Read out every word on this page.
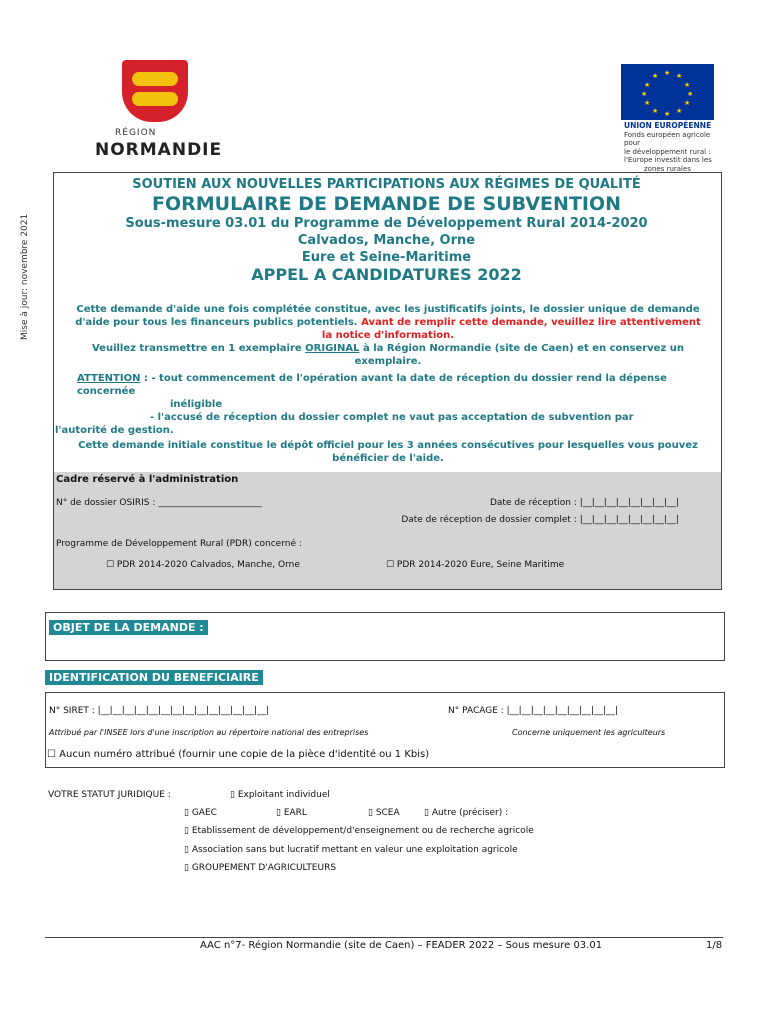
RÉGION
NORMANDIE
★ ★
★
★
★
★
★
★
★
★
★
★
UNION EUROPÉENNE
Fonds européen agricole pour
le développement rural :
l'Europe investit dans les
zones rurales
Mise à jour: novembre 2021
SOUTIEN AUX NOUVELLES PARTICIPATIONS AUX RÉGIMES DE QUALITÉ
FORMULAIRE DE DEMANDE DE SUBVENTION
Sous-mesure 03.01 du Programme de Développement Rural 2014-2020
Calvados, Manche, Orne
Eure et Seine-Maritime
APPEL A CANDIDATURES 2022
Cette demande d'aide une fois complétée constitue, avec les justificatifs joints, le dossier unique de demande
d'aide pour tous les financeurs publics potentiels. Avant de remplir cette demande, veuillez lire attentivement
la notice d'information.
Veuillez transmettre en 1 exemplaire ORIGINAL à la Région Normandie (site de Caen) et en conservez un
exemplaire.
ATTENTION : - tout commencement de l'opération avant la date de réception du dossier rend la dépense
concernée
inéligible
- l'accusé de réception du dossier complet ne vaut pas acceptation de subvention par
l'autorité de gestion.
Cette demande initiale constitue le dépôt officiel pour les 3 années consécutives pour lesquelles vous pouvez
bénéficier de l'aide.
Cadre réservé à l'administration
N° de dossier OSIRIS : _______________________	Date de réception : |__|__|__|__|__|__|__|__|
Date de réception de dossier complet : |__|__|__|__|__|__|__|__|
Programme de Développement Rural (PDR) concerné :
☐ PDR 2014-2020 Calvados, Manche, Orne	☐ PDR 2014-2020 Eure, Seine Maritime
OBJET DE LA DEMANDE :
IDENTIFICATION DU BENEFICIAIRE
N° SIRET : |__|__|__|__|__|__|__|__|__|__|__|__|__|__|	N° PACAGE : |__|__|__|__|__|__|__|__|__|
Attribué par l'INSEE lors d'une inscription au répertoire national des entreprises	Concerne uniquement les agriculteurs
☐ Aucun numéro attribué (fournir une copie de la pièce d'identité ou 1 Kbis)
VOTRE STATUT JURIDIQUE :	▯ Exploitant individuel
▯ GAEC	▯ EARL	▯ SCEA	▯ Autre (préciser) :
▯ Etablissement de développement/d'enseignement ou de recherche agricole
▯ Association sans but lucratif mettant en valeur une exploitation agricole
▯ GROUPEMENT D'AGRICULTEURS
AAC n°7- Région Normandie (site de Caen) – FEADER 2022 – Sous mesure 03.01	1/8
